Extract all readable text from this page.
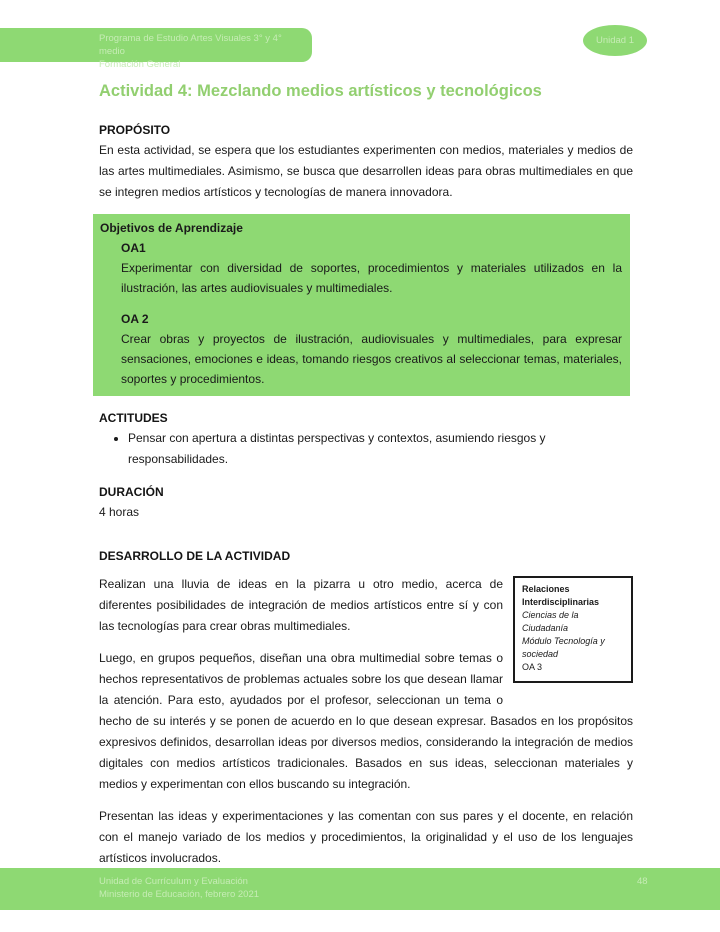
Programa de Estudio Artes Visuales 3° y 4° medio
Formación General
Unidad 1
Actividad 4: Mezclando medios artísticos y tecnológicos
PROPÓSITO

En esta actividad, se espera que los estudiantes experimenten con medios, materiales y medios de las artes multimediales. Asimismo, se busca que desarrollen ideas para obras multimediales en que se integren medios artísticos y tecnologías de manera innovadora.

Objetivos de Aprendizaje
OA1

Experimentar con diversidad de soportes, procedimientos y materiales utilizados en la ilustración, las artes audiovisuales y multimediales.

OA 2

Crear obras y proyectos de ilustración, audiovisuales y multimediales, para expresar sensaciones, emociones e ideas, tomando riesgos creativos al seleccionar temas, materiales, soportes y procedimientos.

ACTITUDES
• Pensar con apertura a distintas perspectivas y contextos, asumiendo riesgos y responsabilidades.
DURACIÓN

4 horas

DESARROLLO DE LA ACTIVIDAD
Relaciones Interdisciplinarias
Ciencias de la Ciudadanía
Módulo Tecnología y sociedad
OA 3

Realizan una lluvia de ideas en la pizarra u otro medio, acerca de diferentes posibilidades de integración de medios artísticos entre sí y con las tecnologías para crear obras multimediales.

Luego, en grupos pequeños, diseñan una obra multimedial sobre temas o hechos representativos de problemas actuales sobre los que desean llamar la atención. Para esto, ayudados por el profesor, seleccionan un tema o hecho de su interés y se ponen de acuerdo en lo que desean expresar. Basados en los propósitos expresivos definidos, desarrollan ideas por diversos medios, considerando la integración de medios digitales con medios artísticos tradicionales. Basados en sus ideas, seleccionan materiales y medios y experimentan con ellos buscando su integración.

Presentan las ideas y experimentaciones y las comentan con sus pares y el docente, en relación con el manejo variado de los medios y procedimientos, la originalidad y el uso de los lenguajes artísticos involucrados.

Unidad de Currículum y Evaluación
Ministerio de Educación, febrero 2021
48
